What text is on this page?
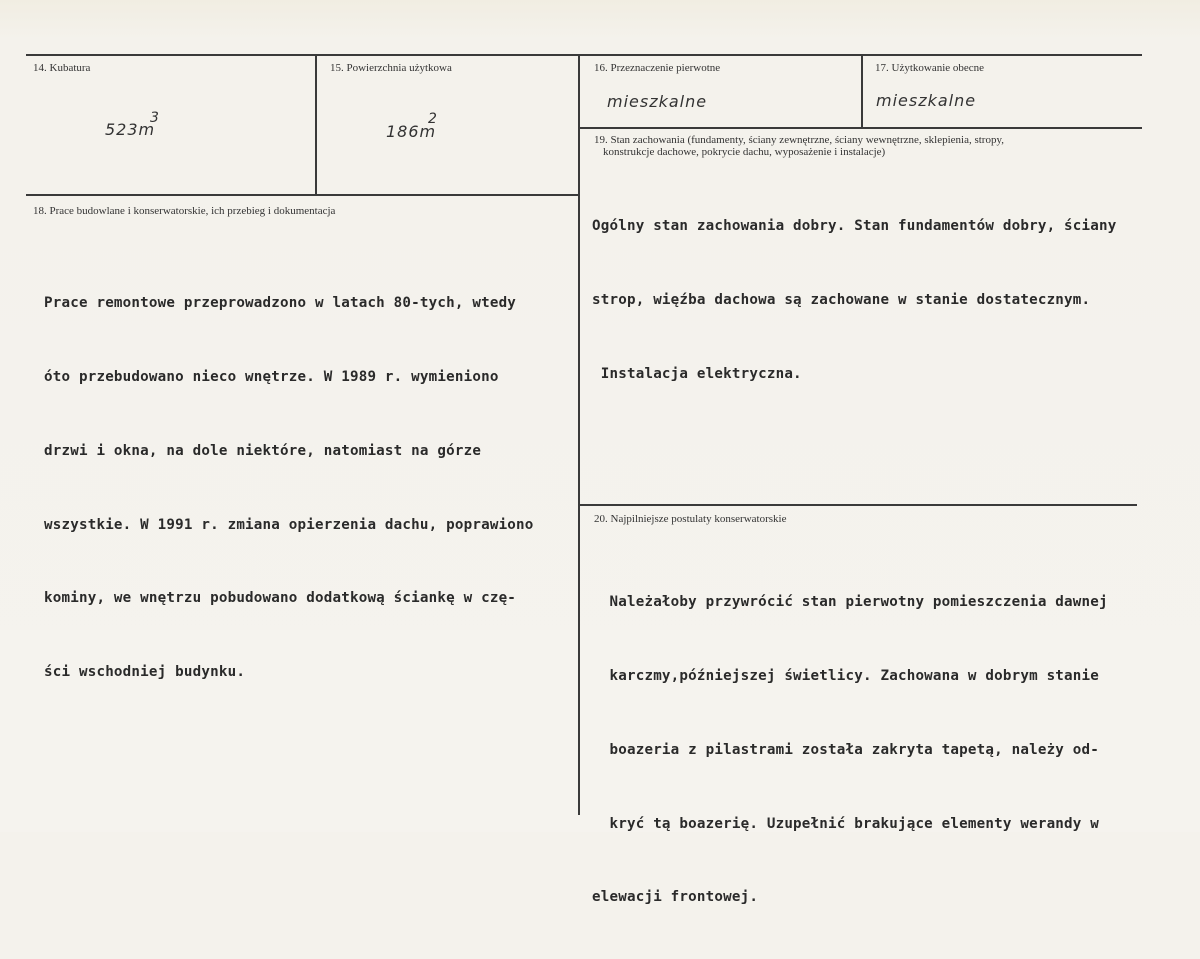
14. Kubatura
523m
3
15. Powierzchnia użytkowa
186m
2
16. Przeznaczenie pierwotne
mieszkalne
17. Użytkowanie obecne
mieszkalne
19. Stan zachowania (fundamenty, ściany zewnętrzne, ściany wewnętrzne, sklepienia, stropy,
konstrukcje dachowe, pokrycie dachu, wyposażenie i instalacje)

Ogólny stan zachowania dobry. Stan fundamentów dobry, ściany

strop, więźba dachowa są zachowane w stanie dostatecznym.

Instalacja elektryczna.

18. Prace budowlane i konserwatorskie, ich przebieg i dokumentacja

Prace remontowe przeprowadzono w latach 80-tych, wtedy

óto przebudowano nieco wnętrze. W 1989 r. wymieniono

drzwi i okna, na dole niektóre, natomiast na górze

wszystkie. W 1991 r. zmiana opierzenia dachu, poprawiono

kominy, we wnętrzu pobudowano dodatkową ściankę w czę-

ści wschodniej budynku.

20. Najpilniejsze postulaty konserwatorskie

Należałoby przywrócić stan pierwotny pomieszczenia dawnej

karczmy,późniejszej świetlicy. Zachowana w dobrym stanie

boazeria z pilastrami została zakryta tapetą, należy od-

kryć tą boazerię. Uzupełnić brakujące elementy werandy w

elewacji frontowej.
